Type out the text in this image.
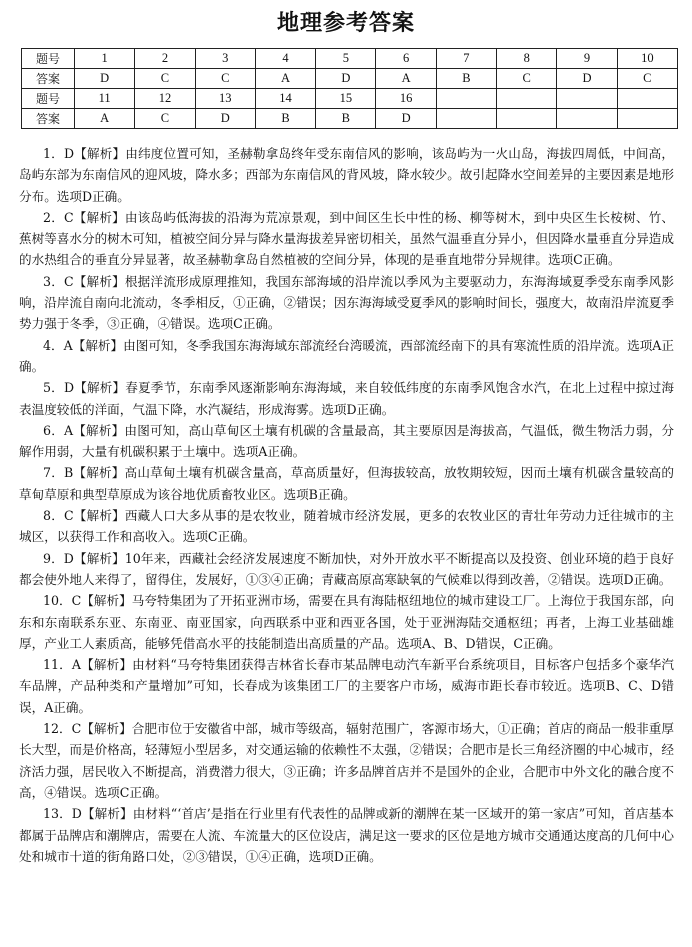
地理参考答案
题号	1	2	3	4	5	6	7	8	9	10
答案	D	C	C	A	D	A	B	C	D	C
题号	11	12	13	14	15	16				
答案	A	C	D	B	B	D				

1．D【解析】由纬度位置可知，圣赫勒拿岛终年受东南信风的影响，该岛屿为一火山岛，海拔四周低，中间高，岛屿东部为东南信风的迎风坡，降水多；西部为东南信风的背风坡，降水较少。故引起降水空间差异的主要因素是地形分布。选项D正确。

2．C【解析】由该岛屿低海拔的沿海为荒凉景观，到中间区生长中性的杨、柳等树木，到中央区生长桉树、竹、蕉树等喜水分的树木可知，植被空间分异与降水量海拔差异密切相关，虽然气温垂直分异小，但因降水量垂直分异造成的水热组合的垂直分异显著，故圣赫勒拿岛自然植被的空间分异，体现的是垂直地带分异规律。选项C正确。

3．C【解析】根据洋流形成原理推知，我国东部海域的沿岸流以季风为主要驱动力，东海海域夏季受东南季风影响，沿岸流自南向北流动，冬季相反，①正确，②错误；因东海海域受夏季风的影响时间长，强度大，故南沿岸流夏季势力强于冬季，③正确，④错误。选项C正确。

4．A【解析】由图可知，冬季我国东海海域东部流经台湾暖流，西部流经南下的具有寒流性质的沿岸流。选项A正确。

5．D【解析】春夏季节，东南季风逐渐影响东海海域，来自较低纬度的东南季风饱含水汽，在北上过程中掠过海表温度较低的洋面，气温下降，水汽凝结，形成海雾。选项D正确。

6．A【解析】由图可知，高山草甸区土壤有机碳的含量最高，其主要原因是海拔高，气温低，微生物活力弱，分解作用弱，大量有机碳积累于土壤中。选项A正确。

7．B【解析】高山草甸土壤有机碳含量高，草高质量好，但海拔较高，放牧期较短，因而土壤有机碳含量较高的草甸草原和典型草原成为该谷地优质畜牧业区。选项B正确。

8．C【解析】西藏人口大多从事的是农牧业，随着城市经济发展，更多的农牧业区的青壮年劳动力迁往城市的主城区，以获得工作和高收入。选项C正确。

9．D【解析】10年来，西藏社会经济发展速度不断加快，对外开放水平不断提高以及投资、创业环境的趋于良好都会使外地人来得了，留得住，发展好，①③④正确；青藏高原高寒缺氧的气候难以得到改善，②错误。选项D正确。

10．C【解析】马夸特集团为了开拓亚洲市场，需要在具有海陆枢纽地位的城市建设工厂。上海位于我国东部，向东和东南联系东亚、东南亚、南亚国家，向西联系中亚和西亚各国，处于亚洲海陆交通枢纽；再者，上海工业基础雄厚，产业工人素质高，能够凭借高水平的技能制造出高质量的产品。选项A、B、D错误，C正确。

11．A【解析】由材料“马夸特集团获得吉林省长春市某品牌电动汽车新平台系统项目，目标客户包括多个豪华汽车品牌，产品种类和产量增加”可知，长春成为该集团工厂的主要客户市场，威海市距长春市较近。选项B、C、D错误，A正确。

12．C【解析】合肥市位于安徽省中部，城市等级高，辐射范围广，客源市场大，①正确；首店的商品一般非重厚长大型，而是价格高，轻薄短小型居多，对交通运输的依赖性不太强，②错误；合肥市是长三角经济圈的中心城市，经济活力强，居民收入不断提高，消费潜力很大，③正确；许多品牌首店并不是国外的企业，合肥市中外文化的融合度不高，④错误。选项C正确。

13．D【解析】由材料“‘首店’是指在行业里有代表性的品牌或新的潮牌在某一区域开的第一家店”可知，首店基本都属于品牌店和潮牌店，需要在人流、车流量大的区位设店，满足这一要求的区位是地方城市交通通达度高的几何中心处和城市十道的街角路口处，②③错误，①④正确，选项D正确。
